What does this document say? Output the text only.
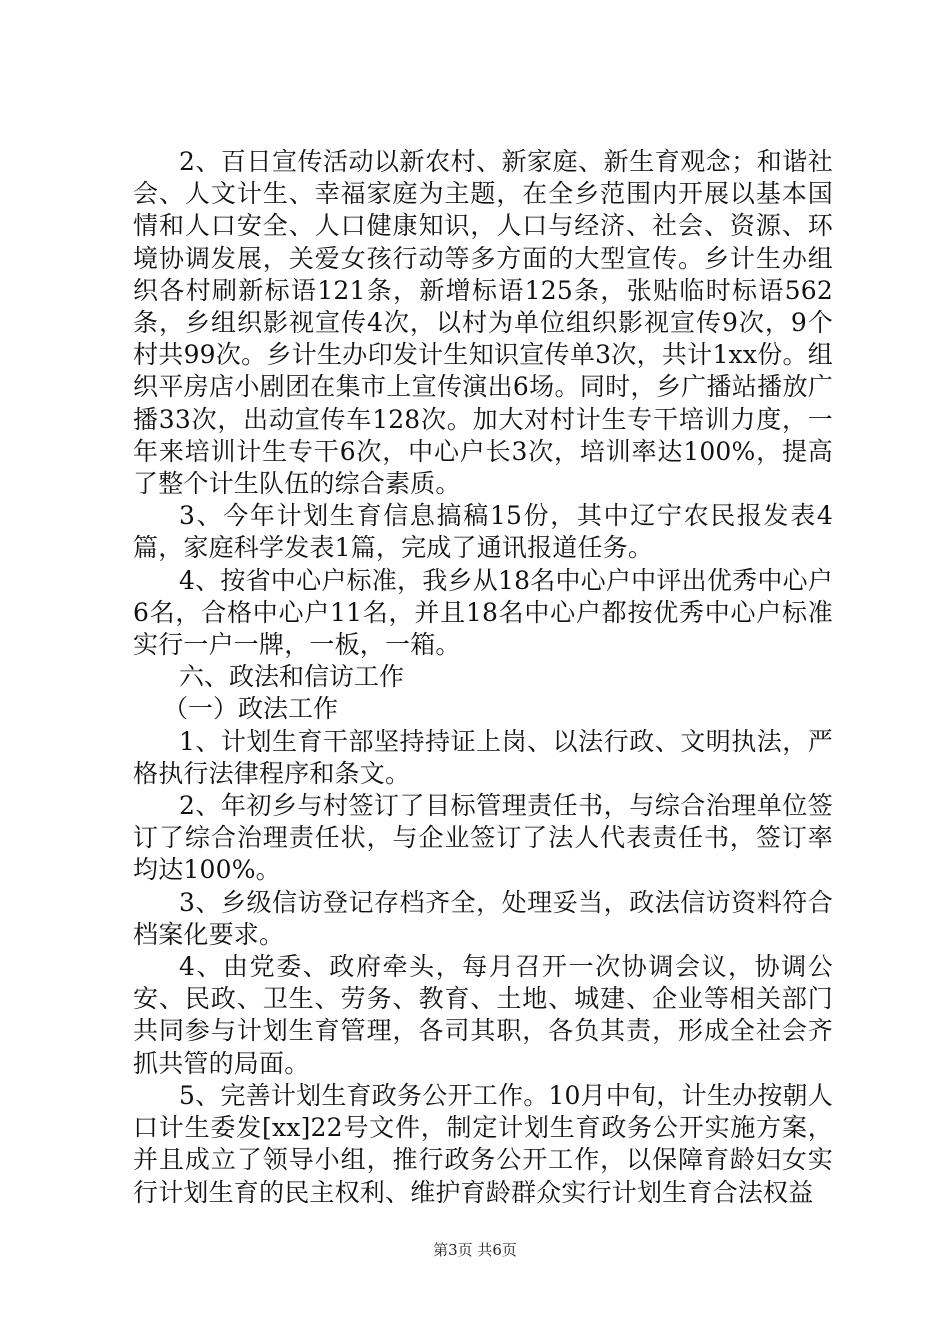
2、百日宣传活动以新农村、新家庭、新生育观念；和谐社会、人文计生、幸福家庭为主题，在全乡范围内开展以基本国情和人口安全、人口健康知识，人口与经济、社会、资源、环境协调发展，关爱女孩行动等多方面的大型宣传。乡计生办组织各村刷新标语121条，新增标语125条，张贴临时标语562条，乡组织影视宣传4次，以村为单位组织影视宣传9次，9个村共99次。乡计生办印发计生知识宣传单3次，共计1xx份。组织平房店小剧团在集市上宣传演出6场。同时，乡广播站播放广播33次，出动宣传车128次。加大对村计生专干培训力度，一年来培训计生专干6次，中心户长3次，培训率达100%，提高了整个计生队伍的综合素质。

3、今年计划生育信息搞稿15份，其中辽宁农民报发表4篇，家庭科学发表1篇，完成了通讯报道任务。

4、按省中心户标准，我乡从18名中心户中评出优秀中心户6名，合格中心户11名，并且18名中心户都按优秀中心户标准实行一户一牌，一板，一箱。

六、政法和信访工作

（一）政法工作

1、计划生育干部坚持持证上岗、以法行政、文明执法，严格执行法律程序和条文。

2、年初乡与村签订了目标管理责任书，与综合治理单位签订了综合治理责任状，与企业签订了法人代表责任书，签订率均达100%。

3、乡级信访登记存档齐全，处理妥当，政法信访资料符合档案化要求。

4、由党委、政府牵头，每月召开一次协调会议，协调公安、民政、卫生、劳务、教育、土地、城建、企业等相关部门共同参与计划生育管理，各司其职，各负其责，形成全社会齐抓共管的局面。

5、完善计划生育政务公开工作。10月中旬，计生办按朝人口计生委发[xx]22号文件，制定计划生育政务公开实施方案，并且成立了领导小组，推行政务公开工作，以保障育龄妇女实行计划生育的民主权利、维护育龄群众实行计划生育合法权益

第3页 共6页
